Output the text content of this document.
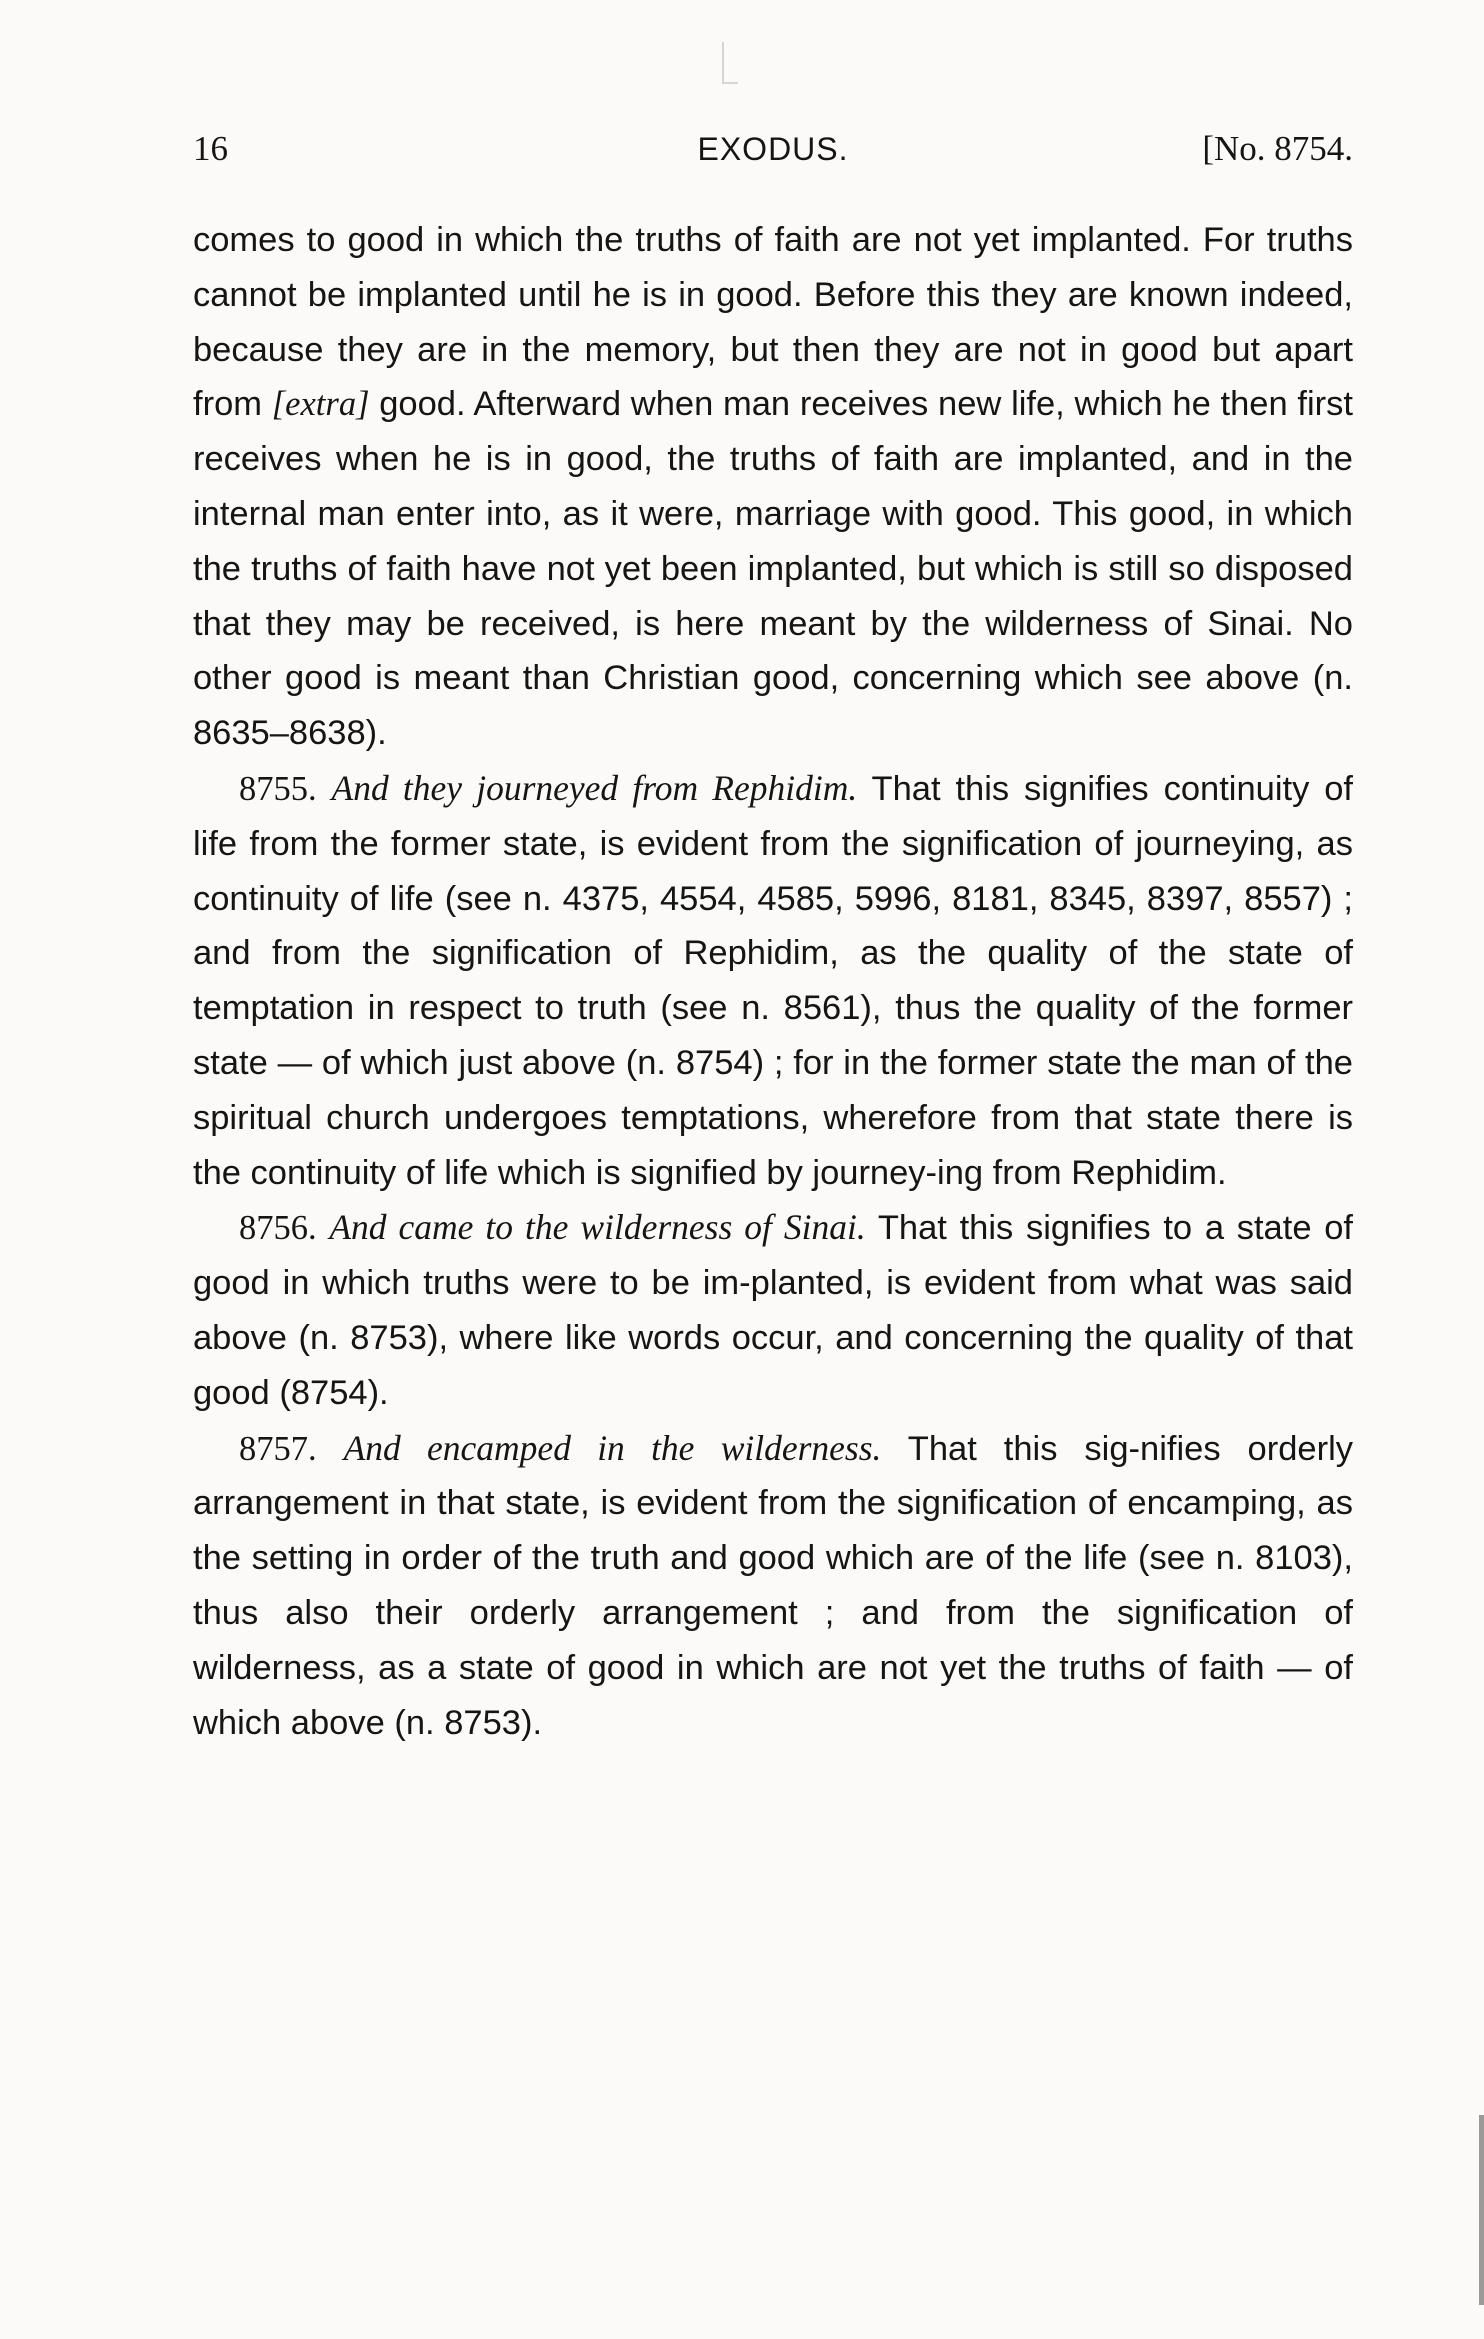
16	EXODUS.	[No. 8754.

comes to good in which the truths of faith are not yet implanted. For truths cannot be implanted until he is in good. Before this they are known indeed, because they are in the memory, but then they are not in good but apart from [extra] good. Afterward when man receives new life, which he then first receives when he is in good, the truths of faith are implanted, and in the internal man enter into, as it were, marriage with good. This good, in which the truths of faith have not yet been implanted, but which is still so disposed that they may be received, is here meant by the wilderness of Sinai. No other good is meant than Christian good, concerning which see above (n. 8635–8638).

8755. And they journeyed from Rephidim. That this signifies continuity of life from the former state, is evident from the signification of journeying, as continuity of life (see n. 4375, 4554, 4585, 5996, 8181, 8345, 8397, 8557) ; and from the signification of Rephidim, as the quality of the state of temptation in respect to truth (see n. 8561), thus the quality of the former state — of which just above (n. 8754) ; for in the former state the man of the spiritual church undergoes temptations, wherefore from that state there is the continuity of life which is signified by journey-ing from Rephidim.

8756. And came to the wilderness of Sinai. That this signifies to a state of good in which truths were to be im-planted, is evident from what was said above (n. 8753), where like words occur, and concerning the quality of that good (8754).

8757. And encamped in the wilderness. That this sig-nifies orderly arrangement in that state, is evident from the signification of encamping, as the setting in order of the truth and good which are of the life (see n. 8103), thus also their orderly arrangement ; and from the signification of wilderness, as a state of good in which are not yet the truths of faith — of which above (n. 8753).
